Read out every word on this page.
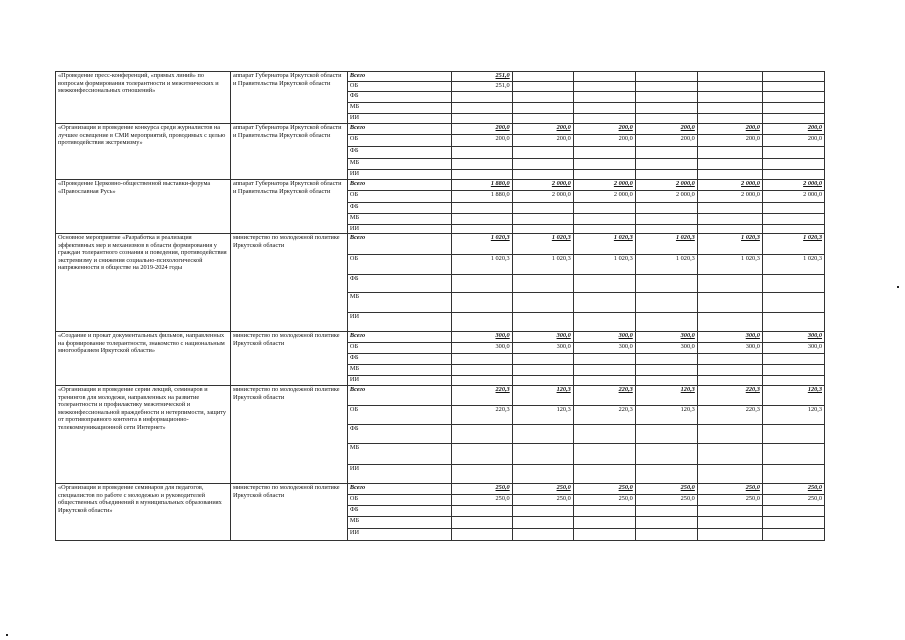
«Проведение пресс-конференций, «прямых линий» по вопросам формирования толерантности и межэтнических и межконфессиональных отношений»	аппарат Губернатора Иркутской области и Правительства Иркутской области	Всего	251,0					
		ОБ	251,0					
		ФБ						
		МБ						
		ИИ						
«Организация и проведение конкурса среди журналистов на лучшее освещение в СМИ мероприятий, проводимых с целью противодействия экстремизму»	аппарат Губернатора Иркутской области и Правительства Иркутской области	Всего	200,0	200,0	200,0	200,0	200,0	200,0
		ОБ	200,0	200,0	200,0	200,0	200,0	200,0
		ФБ						
		МБ						
		ИИ						
«Проведение Церковно-общественной выставки-форума «Православная Русь»	аппарат Губернатора Иркутской области и Правительства Иркутской области	Всего	1 880,0	2 000,0	2 000,0	2 000,0	2 000,0	2 000,0
		ОБ	1 880,0	2 000,0	2 000,0	2 000,0	2 000,0	2 000,0
		ФБ						
		МБ						
		ИИ						
Основное мероприятие «Разработка и реализация эффективных мер и механизмов в области формирования у граждан толерантного сознания и поведения, противодействия экстремизму и снижения социально-психологической напряженности в обществе на 2019-2024 годы	министерство по молодежной политике Иркутской области	Всего	1 020,3	1 020,3	1 020,3	1 020,3	1 020,3	1 020,3
		ОБ	1 020,3	1 020,3	1 020,3	1 020,3	1 020,3	1 020,3
		ФБ						
		МБ						
		ИИ						
«Создание и прокат документальных фильмов, направленных на формирование толерантности, знакомство с национальным многообразием Иркутской области»	министерство по молодежной политике Иркутской области	Всего	300,0	300,0	300,0	300,0	300,0	300,0
		ОБ	300,0	300,0	300,0	300,0	300,0	300,0
		ФБ						
		МБ						
		ИИ						
«Организация и проведение серии лекций, семинаров и тренингов для молодежи, направленных на развитие толерантности и профилактику межэтнической и межконфессиональной враждебности и нетерпимости, защиту от противоправного контента в информационно-телекоммуникационной сети Интернет»	министерство по молодежной политике Иркутской области	Всего	220,3	120,3	220,3	120,3	220,3	120,3
		ОБ	220,3	120,3	220,3	120,3	220,3	120,3
		ФБ						
		МБ						
		ИИ						
«Организация и проведение семинаров для педагогов, специалистов по работе с молодежью и руководителей общественных объединений в муниципальных образованиях Иркутской области»	министерство по молодежной политике Иркутской области	Всего	250,0	250,0	250,0	250,0	250,0	250,0
		ОБ	250,0	250,0	250,0	250,0	250,0	250,0
		ФБ						
		МБ						
		ИИ						
